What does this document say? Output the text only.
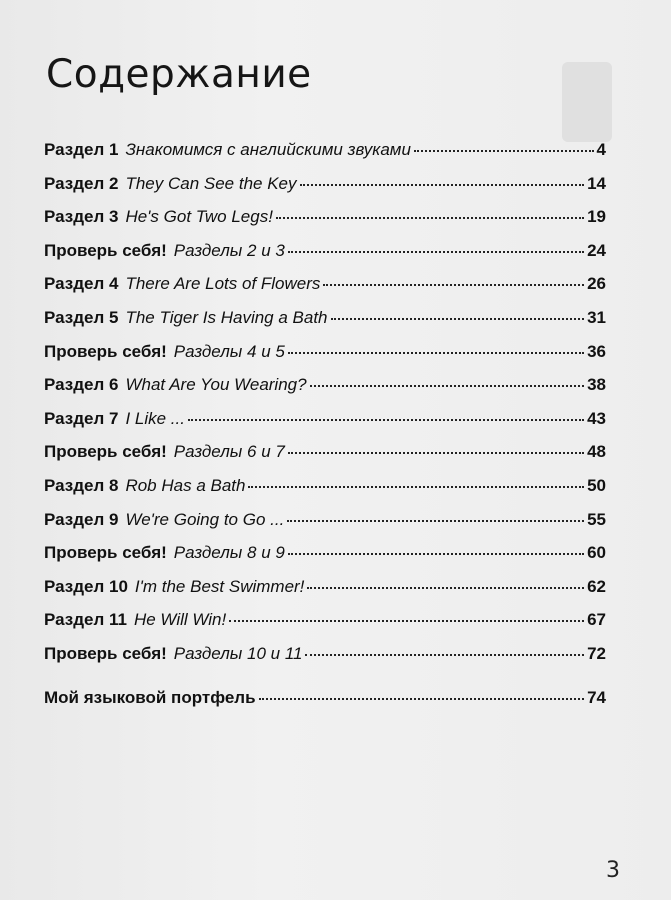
Содержание
Раздел 1 Знакомимся с английскими звуками	4
Раздел 2 They Can See the Key	14
Раздел 3 He's Got Two Legs!	19
Проверь себя! Разделы 2 и 3	24
Раздел 4 There Are Lots of Flowers	26
Раздел 5 The Tiger Is Having a Bath	31
Проверь себя! Разделы 4 и 5	36
Раздел 6 What Are You Wearing?	38
Раздел 7 I Like ...	43
Проверь себя! Разделы 6 и 7	48
Раздел 8 Rob Has a Bath	50
Раздел 9 We're Going to Go ...	55
Проверь себя! Разделы 8 и 9	60
Раздел 10 I'm the Best Swimmer!	62
Раздел 11 He Will Win!	67
Проверь себя! Разделы 10 и 11	72
Мой языковой портфель	74
3
